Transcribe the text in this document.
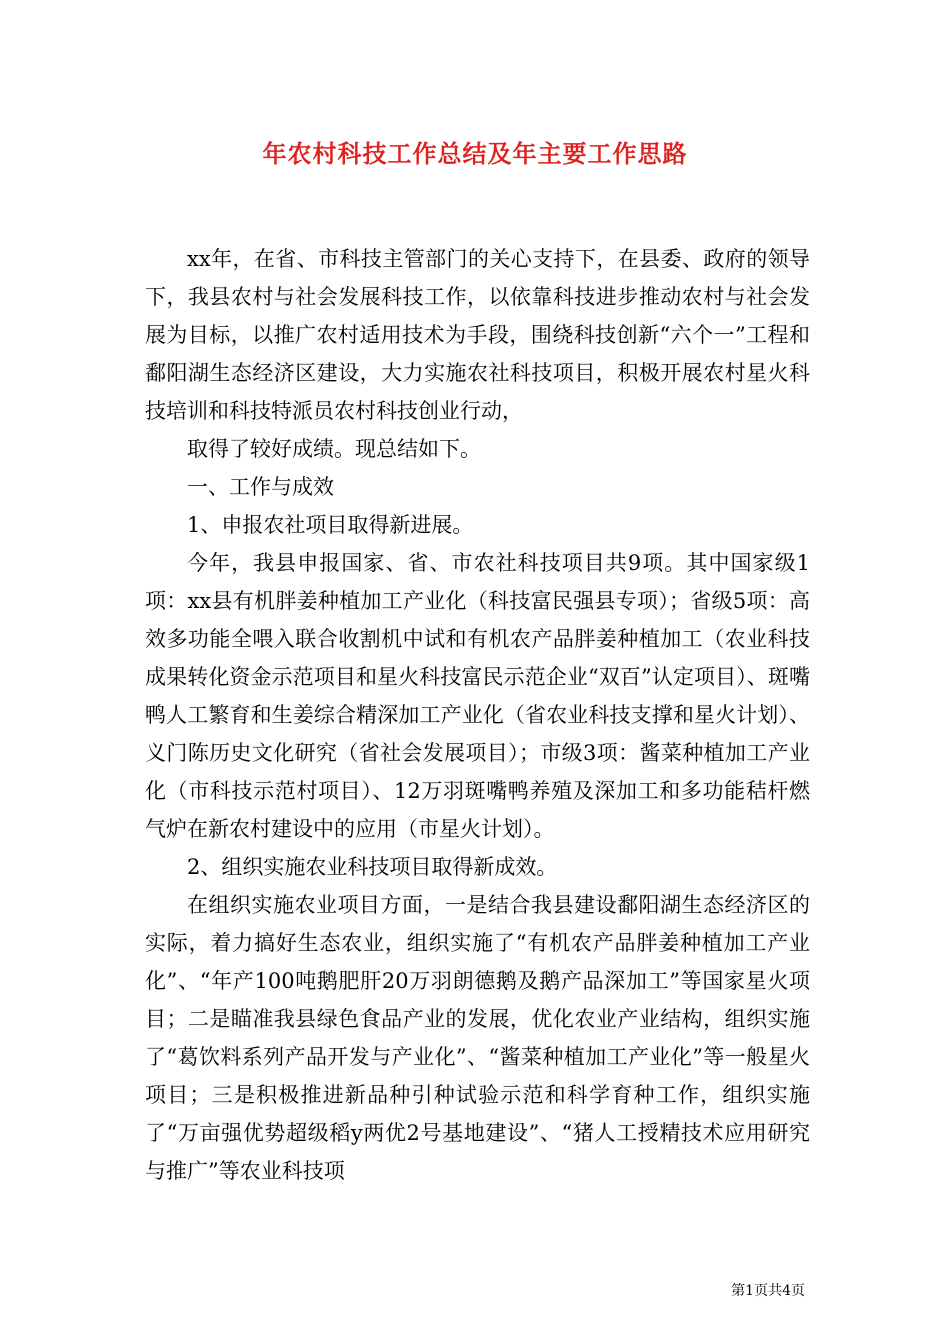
年农村科技工作总结及年主要工作思路

xx年，在省、市科技主管部门的关心支持下，在县委、政府的领导下，我县农村与社会发展科技工作，以依靠科技进步推动农村与社会发展为目标，以推广农村适用技术为手段，围绕科技创新“六个一”工程和鄱阳湖生态经济区建设，大力实施农社科技项目，积极开展农村星火科技培训和科技特派员农村科技创业行动，

取得了较好成绩。现总结如下。

一、工作与成效

1、申报农社项目取得新进展。

今年，我县申报国家、省、市农社科技项目共9项。其中国家级1项：xx县有机胖姜种植加工产业化（科技富民强县专项）；省级5项：高效多功能全喂入联合收割机中试和有机农产品胖姜种植加工（农业科技成果转化资金示范项目和星火科技富民示范企业“双百”认定项目）、斑嘴鸭人工繁育和生姜综合精深加工产业化（省农业科技支撑和星火计划）、义门陈历史文化研究（省社会发展项目）；市级3项：酱菜种植加工产业化（市科技示范村项目）、12万羽斑嘴鸭养殖及深加工和多功能秸杆燃气炉在新农村建设中的应用（市星火计划）。

2、组织实施农业科技项目取得新成效。

在组织实施农业项目方面，一是结合我县建设鄱阳湖生态经济区的实际，着力搞好生态农业，组织实施了“有机农产品胖姜种植加工产业化”、“年产100吨鹅肥肝20万羽朗德鹅及鹅产品深加工”等国家星火项目；二是瞄准我县绿色食品产业的发展，优化农业产业结构，组织实施了“葛饮料系列产品开发与产业化”、“酱菜种植加工产业化”等一般星火项目；三是积极推进新品种引种试验示范和科学育种工作，组织实施了“万亩强优势超级稻y两优2号基地建设”、“猪人工授精技术应用研究与推广”等农业科技项

第1页共4页
